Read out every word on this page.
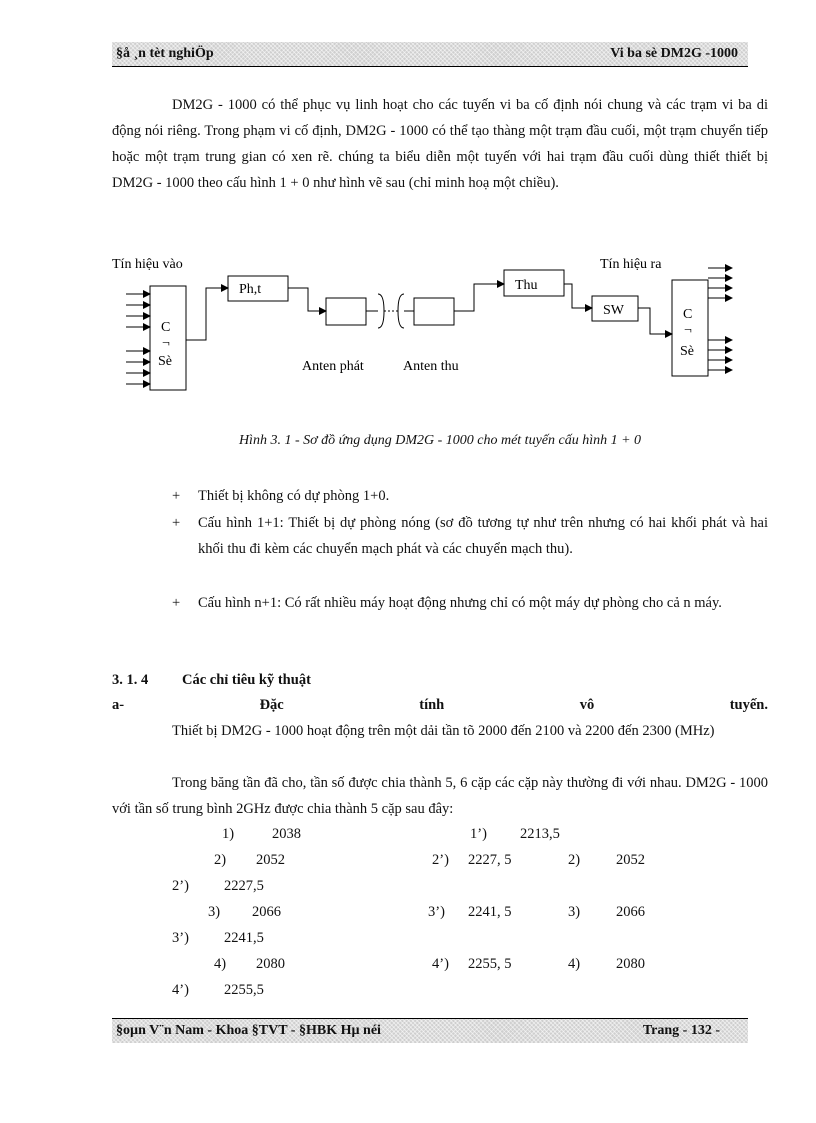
§å ¸n tèt nghiÖp	Vi ba sè DM2G -1000

DM2G - 1000 có thể phục vụ linh hoạt cho các tuyến vi ba cố định nói chung và các trạm vi ba di động nói riêng. Trong phạm vi cố định, DM2G - 1000 có thể tạo thàng một trạm đầu cuối, một trạm chuyển tiếp hoặc một trạm trung gian có xen rẽ. chúng ta biểu diễn một tuyến với hai trạm đầu cuối dùng thiết thiết bị DM2G - 1000 theo cấu hình 1 + 0 như hình vẽ sau (chỉ minh hoạ một chiều).

Tín hiệu vào	Tín hiệu ra
C
¬
Sè
Ph,t	Thu
SW	C
¬
Sè
Anten phát	Anten thu
Hình 3. 1 - Sơ đồ ứng dụng DM2G - 1000 cho mét tuyến cấu hình 1 + 0
+ Thiết bị không có dự phòng 1+0.
+ Cấu hình 1+1: Thiết bị dự phòng nóng (sơ đồ tương tự như trên nhưng có hai khối phát và hai khối thu đi kèm các chuyển mạch phát và các chuyển mạch thu).
+ Cấu hình n+1: Có rất nhiều máy hoạt động nhưng chỉ có một máy dự phòng cho cả n máy.
3. 1. 4 Các chỉ tiêu kỹ thuật
a-	Đặc	tính	vô	tuyến.

Thiết bị DM2G - 1000 hoạt động trên một dải tần tõ 2000 đến 2100 và 2200 đến 2300 (MHz)

Trong băng tần đã cho, tần số được chia thành 5, 6 cặp các cặp này thường đi với nhau. DM2G - 1000 với tần số trung bình 2GHz được chia thành 5 cặp sau đây:

1)	2038	1’) 2213,5
2) 2052	2’) 2227, 5	2) 2052
2’) 2227,5
3) 2066	3’) 2241, 5	3) 2066
3’) 2241,5
4) 2080	4’) 2255, 5	4) 2080
4’) 2255,5
§oµn V¨n Nam - Khoa §TVT - §HBK Hµ néi	Trang - 132 -
